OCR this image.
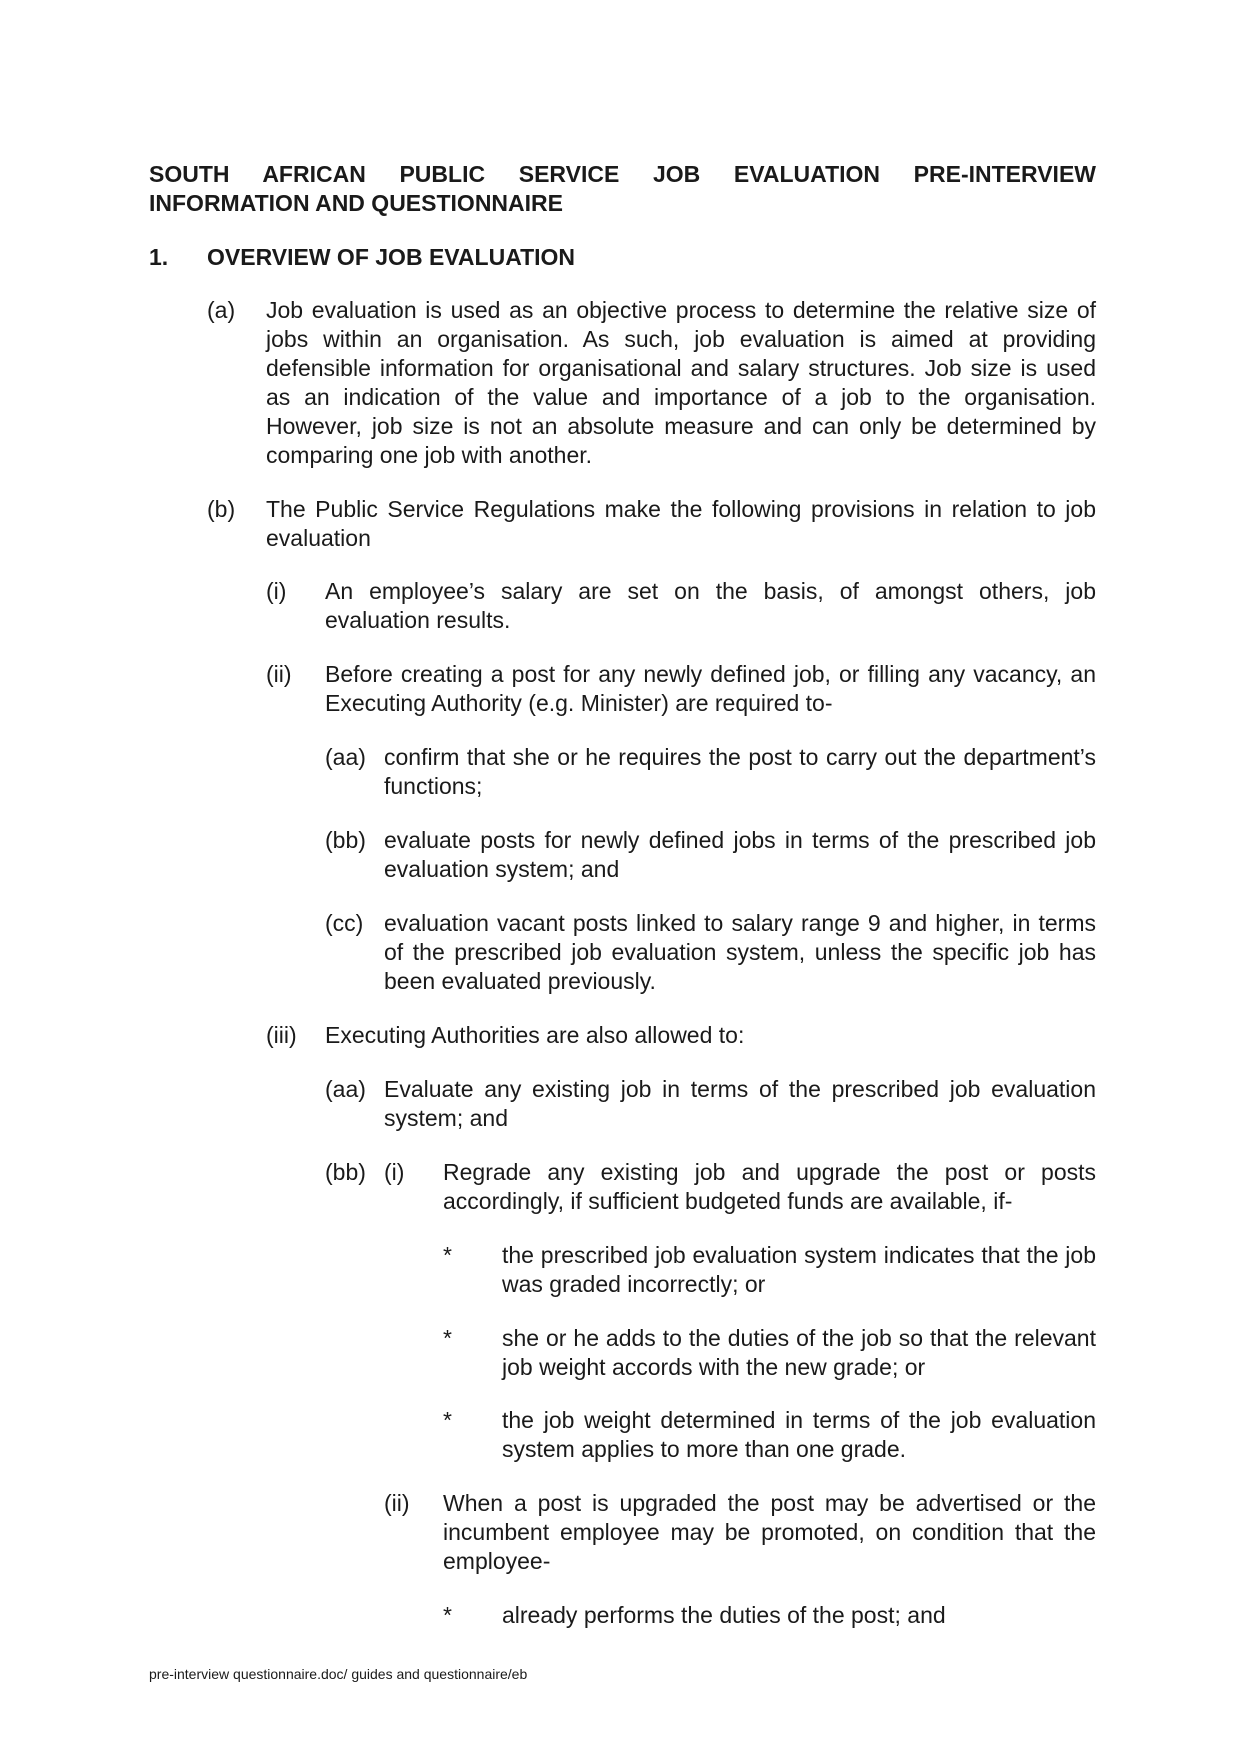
SOUTH AFRICAN PUBLIC SERVICE JOB EVALUATION PRE-INTERVIEW
INFORMATION AND QUESTIONNAIRE
1. OVERVIEW OF JOB EVALUATION
(a) Job evaluation is used as an objective process to determine the relative size of jobs within an organisation. As such, job evaluation is aimed at providing defensible information for organisational and salary structures. Job size is used as an indication of the value and importance of a job to the organisation. However, job size is not an absolute measure and can only be determined by comparing one job with another.
(b) The Public Service Regulations make the following provisions in relation to job evaluation
(i) An employee’s salary are set on the basis, of amongst others, job evaluation results.
(ii) Before creating a post for any newly defined job, or filling any vacancy, an Executing Authority (e.g. Minister) are required to-
(aa) confirm that she or he requires the post to carry out the department’s functions;
(bb) evaluate posts for newly defined jobs in terms of the prescribed job evaluation system; and
(cc) evaluation vacant posts linked to salary range 9 and higher, in terms of the prescribed job evaluation system, unless the specific job has been evaluated previously.
(iii) Executing Authorities are also allowed to:
(aa) Evaluate any existing job in terms of the prescribed job evaluation system; and
(bb) (i) Regrade any existing job and upgrade the post or posts accordingly, if sufficient budgeted funds are available, if-
* the prescribed job evaluation system indicates that the job was graded incorrectly; or
* she or he adds to the duties of the job so that the relevant job weight accords with the new grade; or
* the job weight determined in terms of the job evaluation system applies to more than one grade.
(ii) When a post is upgraded the post may be advertised or the incumbent employee may be promoted, on condition that the employee-
* already performs the duties of the post; and
pre-interview questionnaire.doc/ guides and questionnaire/eb
